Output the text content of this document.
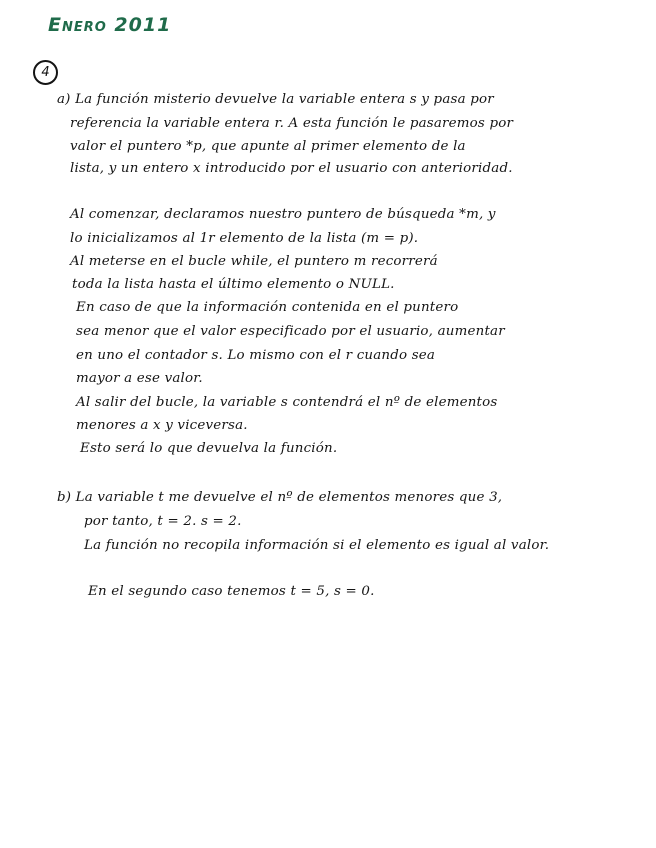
Enero 2011
4
a) La función misterio devuelve la variable entera s y pasa por
referencia la variable entera r. A esta función le pasaremos por
valor el puntero *p, que apunte al primer elemento de la
lista, y un entero x introducido por el usuario con anterioridad.
Al comenzar, declaramos nuestro puntero de búsqueda *m, y
lo inicializamos al 1r elemento de la lista (m = p).
Al meterse en el bucle while, el puntero m recorrerá
toda la lista hasta el último elemento o NULL.
En caso de que la información contenida en el puntero
sea menor que el valor especificado por el usuario, aumentar
en uno el contador s. Lo mismo con el r cuando sea
mayor a ese valor.
Al salir del bucle, la variable s contendrá el nº de elementos
menores a x y viceversa.
Esto será lo que devuelva la función.
b) La variable t me devuelve el nº de elementos menores que 3,
por tanto, t = 2. s = 2.
La función no recopila información si el elemento es igual al valor.
En el segundo caso tenemos t = 5, s = 0.
